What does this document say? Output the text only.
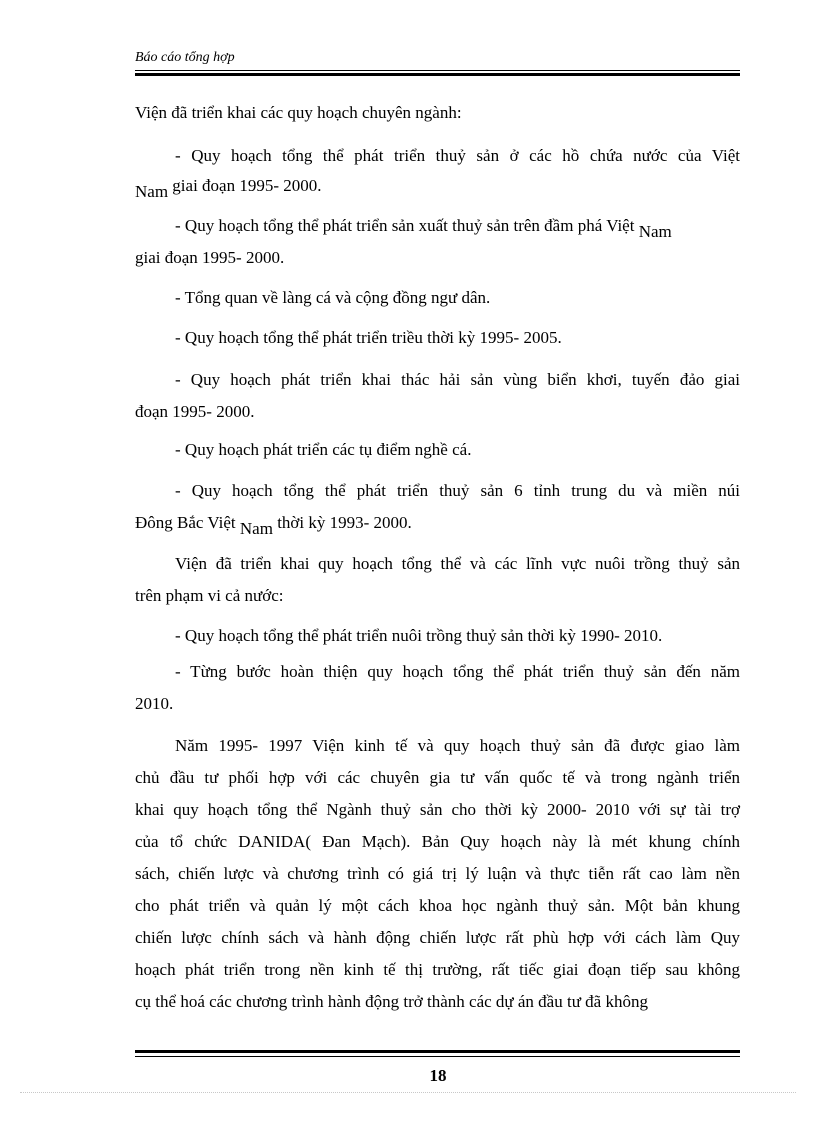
Báo cáo tổng hợp
Viện đã triển khai các quy hoạch chuyên ngành:
- Quy hoạch tổng thể phát triển thuỷ sản ở các hồ chứa nước của Việt
Nam giai đoạn 1995- 2000.
- Quy hoạch tổng thể phát triển sản xuất thuỷ sản trên đầm phá Việt Nam
giai đoạn 1995- 2000.
- Tổng quan về làng cá và cộng đồng ngư dân.
- Quy hoạch tổng thể phát triển triều thời kỳ 1995- 2005.
- Quy hoạch phát triển khai thác hải sản vùng biển khơi, tuyến đảo giai
đoạn 1995- 2000.
- Quy hoạch phát triển các tụ điểm nghề cá.
- Quy hoạch tổng thể phát triển thuỷ sản 6 tỉnh trung du và miền núi
Đông Bắc Việt Nam thời kỳ 1993- 2000.
Viện đã triển khai quy hoạch tổng thể và các lĩnh vực nuôi trồng thuỷ sản
trên phạm vi cả nước:
- Quy hoạch tổng thể phát triển nuôi trồng thuỷ sản thời kỳ 1990- 2010.
- Từng bước hoàn thiện quy hoạch tổng thể phát triển thuỷ sản đến năm
2010.
Năm 1995- 1997 Viện kinh tế và quy hoạch thuỷ sản đã được giao làm
chủ đầu tư phối hợp với các chuyên gia tư vấn quốc tế và trong ngành triển
khai quy hoạch tổng thể Ngành thuỷ sản cho thời kỳ 2000- 2010 với sự tài trợ
của tổ chức DANIDA( Đan Mạch). Bản Quy hoạch này là mét khung chính
sách, chiến lược và chương trình có giá trị lý luận và thực tiễn rất cao làm nền
cho phát triển và quản lý một cách khoa học ngành thuỷ sản. Một bản khung
chiến lược chính sách và hành động chiến lược rất phù hợp với cách làm Quy
hoạch phát triển trong nền kinh tế thị trường, rất tiếc giai đoạn tiếp sau không
cụ thể hoá các chương trình hành động trở thành các dự án đầu tư đã không
18
